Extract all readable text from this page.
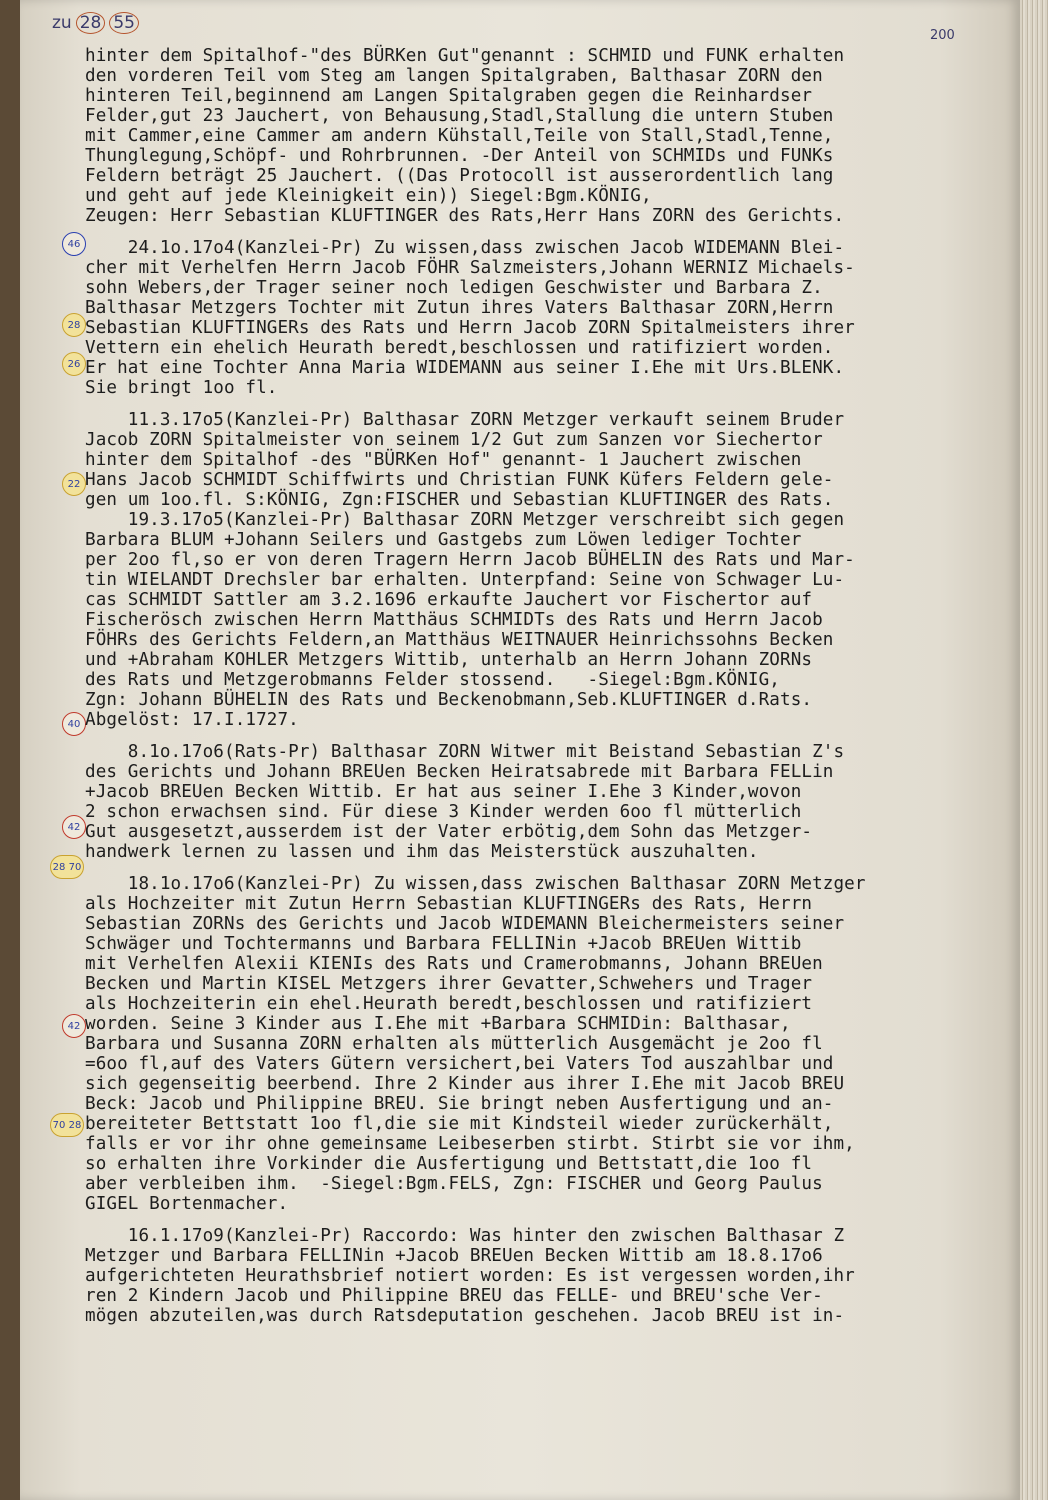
zu 28 55
200
46
28
26
22
40
42
28 70
42
70 28
hinter dem Spitalhof-"des BÜRKen Gut"genannt : SCHMID und FUNK erhalten
den vorderen Teil vom Steg am langen Spitalgraben, Balthasar ZORN den
hinteren Teil,beginnend am Langen Spitalgraben gegen die Reinhardser
Felder,gut 23 Jauchert, von Behausung,Stadl,Stallung die untern Stuben
mit Cammer,eine Cammer am andern Kühstall,Teile von Stall,Stadl,Tenne,
Thunglegung,Schöpf- und Rohrbrunnen. -Der Anteil von SCHMIDs und FUNKs
Feldern beträgt 25 Jauchert. ((Das Protocoll ist ausserordentlich lang
und geht auf jede Kleinigkeit ein)) Siegel:Bgm.KÖNIG,
Zeugen: Herr Sebastian KLUFTINGER des Rats,Herr Hans ZORN des Gerichts.
24.1o.17o4(Kanzlei-Pr) Zu wissen,dass zwischen Jacob WIDEMANN Blei-
cher mit Verhelfen Herrn Jacob FÖHR Salzmeisters,Johann WERNIZ Michaels-
sohn Webers,der Trager seiner noch ledigen Geschwister und Barbara Z.
Balthasar Metzgers Tochter mit Zutun ihres Vaters Balthasar ZORN,Herrn
Sebastian KLUFTINGERs des Rats und Herrn Jacob ZORN Spitalmeisters ihrer
Vettern ein ehelich Heurath beredt,beschlossen und ratifiziert worden.
Er hat eine Tochter Anna Maria WIDEMANN aus seiner I.Ehe mit Urs.BLENK.
Sie bringt 1oo fl.
11.3.17o5(Kanzlei-Pr) Balthasar ZORN Metzger verkauft seinem Bruder
Jacob ZORN Spitalmeister von seinem 1/2 Gut zum Sanzen vor Siechertor
hinter dem Spitalhof -des "BÜRKen Hof" genannt- 1 Jauchert zwischen
Hans Jacob SCHMIDT Schiffwirts und Christian FUNK Küfers Feldern gele-
gen um 1oo.fl. S:KÖNIG, Zgn:FISCHER und Sebastian KLUFTINGER des Rats.
19.3.17o5(Kanzlei-Pr) Balthasar ZORN Metzger verschreibt sich gegen
Barbara BLUM +Johann Seilers und Gastgebs zum Löwen lediger Tochter
per 2oo fl,so er von deren Tragern Herrn Jacob BÜHELIN des Rats und Mar-
tin WIELANDT Drechsler bar erhalten. Unterpfand: Seine von Schwager Lu-
cas SCHMIDT Sattler am 3.2.1696 erkaufte Jauchert vor Fischertor auf
Fischerösch zwischen Herrn Matthäus SCHMIDTs des Rats und Herrn Jacob
FÖHRs des Gerichts Feldern,an Matthäus WEITNAUER Heinrichssohns Becken
und +Abraham KOHLER Metzgers Wittib, unterhalb an Herrn Johann ZORNs
des Rats und Metzgerobmanns Felder stossend.   -Siegel:Bgm.KÖNIG,
Zgn: Johann BÜHELIN des Rats und Beckenobmann,Seb.KLUFTINGER d.Rats.
Abgelöst: 17.I.1727.
8.1o.17o6(Rats-Pr) Balthasar ZORN Witwer mit Beistand Sebastian Z's
des Gerichts und Johann BREUen Becken Heiratsabrede mit Barbara FELLin
+Jacob BREUen Becken Wittib. Er hat aus seiner I.Ehe 3 Kinder,wovon
2 schon erwachsen sind. Für diese 3 Kinder werden 6oo fl mütterlich
Gut ausgesetzt,ausserdem ist der Vater erbötig,dem Sohn das Metzger-
handwerk lernen zu lassen und ihm das Meisterstück auszuhalten.
18.1o.17o6(Kanzlei-Pr) Zu wissen,dass zwischen Balthasar ZORN Metzger
als Hochzeiter mit Zutun Herrn Sebastian KLUFTINGERs des Rats, Herrn
Sebastian ZORNs des Gerichts und Jacob WIDEMANN Bleichermeisters seiner
Schwäger und Tochtermanns und Barbara FELLINin +Jacob BREUen Wittib
mit Verhelfen Alexii KIENIs des Rats und Cramerobmanns, Johann BREUen
Becken und Martin KISEL Metzgers ihrer Gevatter,Schwehers und Trager
als Hochzeiterin ein ehel.Heurath beredt,beschlossen und ratifiziert
worden. Seine 3 Kinder aus I.Ehe mit +Barbara SCHMIDin: Balthasar,
Barbara und Susanna ZORN erhalten als mütterlich Ausgemächt je 2oo fl
=6oo fl,auf des Vaters Gütern versichert,bei Vaters Tod auszahlbar und
sich gegenseitig beerbend. Ihre 2 Kinder aus ihrer I.Ehe mit Jacob BREU
Beck: Jacob und Philippine BREU. Sie bringt neben Ausfertigung und an-
bereiteter Bettstatt 1oo fl,die sie mit Kindsteil wieder zurückerhält,
falls er vor ihr ohne gemeinsame Leibeserben stirbt. Stirbt sie vor ihm,
so erhalten ihre Vorkinder die Ausfertigung und Bettstatt,die 1oo fl
aber verbleiben ihm.  -Siegel:Bgm.FELS, Zgn: FISCHER und Georg Paulus
GIGEL Bortenmacher.
16.1.17o9(Kanzlei-Pr) Raccordo: Was hinter den zwischen Balthasar Z
Metzger und Barbara FELLINin +Jacob BREUen Becken Wittib am 18.8.17o6
aufgerichteten Heurathsbrief notiert worden: Es ist vergessen worden,ihr
ren 2 Kindern Jacob und Philippine BREU das FELLE- und BREU'sche Ver-
mögen abzuteilen,was durch Ratsdeputation geschehen. Jacob BREU ist in-
